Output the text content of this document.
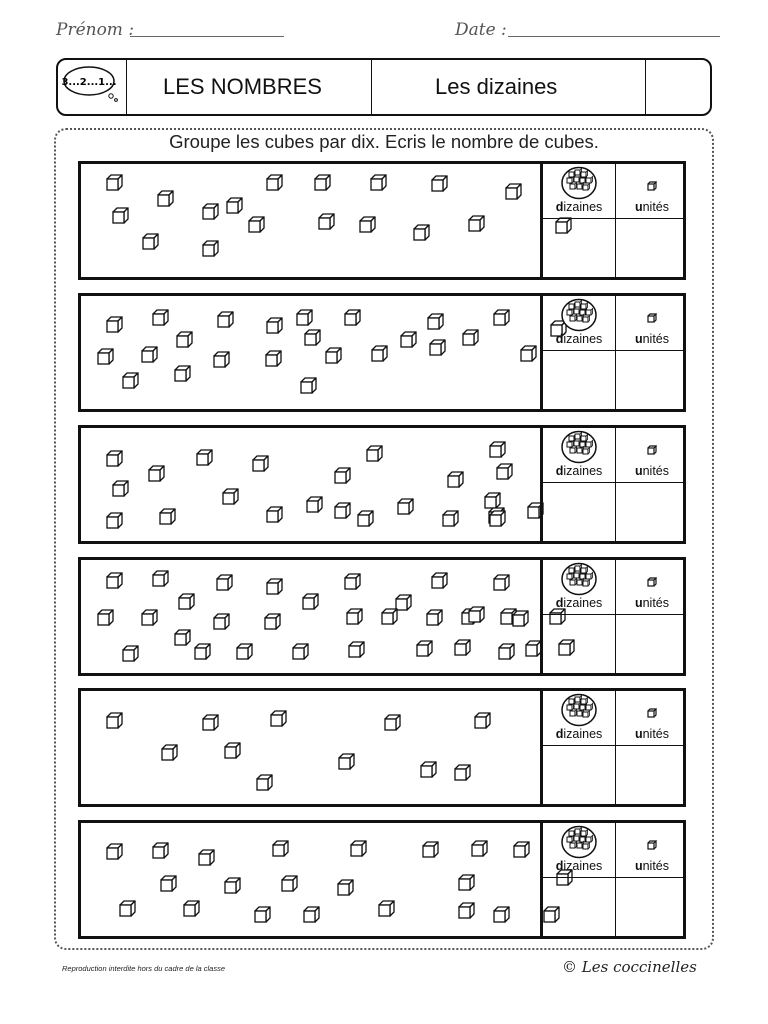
Prénom :	Date :
3...2...1... LES NOMBRES	Les dizaines
Groupe les cubes par dix. Ecris le nombre de cubes.
dizaines	unités
dizaines	unités
dizaines	unités
dizaines	unités
dizaines	unités
dizaines	unités
Reproduction interdite hors du cadre de la classe	© Les coccinelles
